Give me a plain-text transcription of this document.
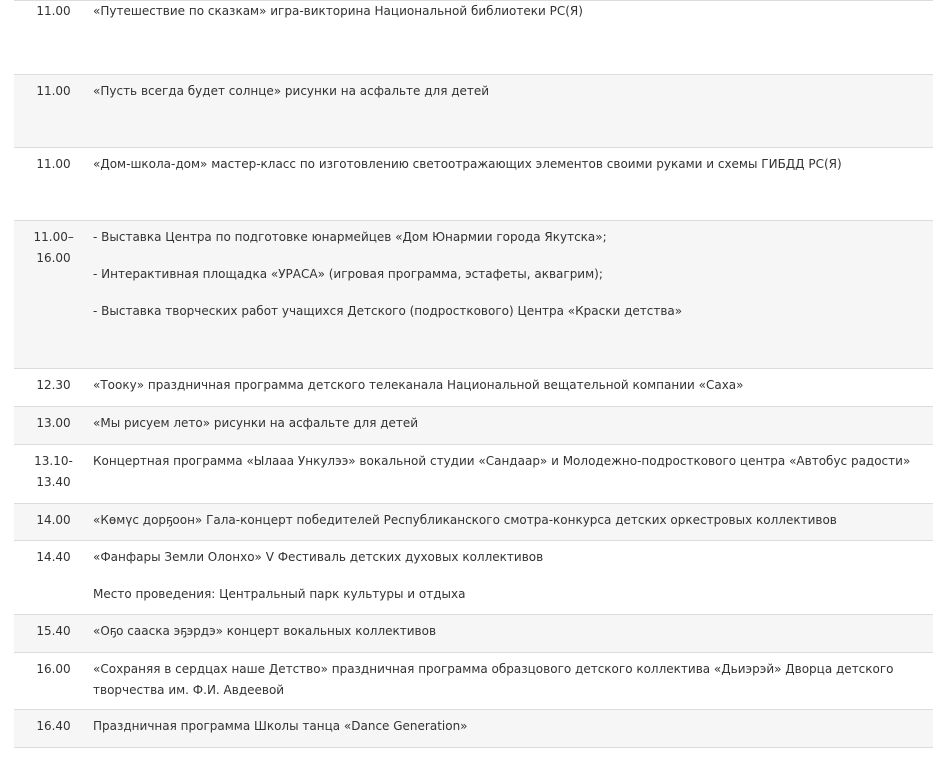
11.00	«Путешествие по сказкам» игра-викторина Национальной библиотеки РС(Я)

11.00	«Пусть всегда будет солнце» рисунки на асфальте для детей

11.00	«Дом-школа-дом» мастер-класс по изготовлению светоотражающих элементов своими руками и схемы ГИБДД РС(Я)

11.00–16.00	- Выставка Центра по подготовке юнармейцев «Дом Юнармии города Якутска»;

- Интерактивная площадка «УРАСА» (игровая программа, эстафеты, аквагрим);

- Выставка творческих работ учащихся Детского (подросткового) Центра «Краски детства»

12.30	«Тооку» праздничная программа детского телеканала Национальной вещательной компании «Саха»

13.00	«Мы рисуем лето» рисунки на асфальте для детей

13.10-13.40	Концертная программа «Ылааа Ункулээ» вокальной студии «Сандаар» и Молодежно-подросткового центра «Автобус радости»

14.00	«Көмүс дорҕоон» Гала-концерт победителей Республиканского смотра-конкурса детских оркестровых коллективов

14.40	«Фанфары Земли Олонхо» V Фестиваль детских духовых коллективов

Место проведения: Центральный парк культуры и отдыха

15.40	«Оҕо сааска эҕэрдэ» концерт вокальных коллективов

16.00	«Сохраняя в сердцах наше Детство» праздничная программа образцового детского коллектива «Дьиэрэй» Дворца детского творчества им. Ф.И. Авдеевой

16.40	Праздничная программа Школы танца «Dance Generation»
